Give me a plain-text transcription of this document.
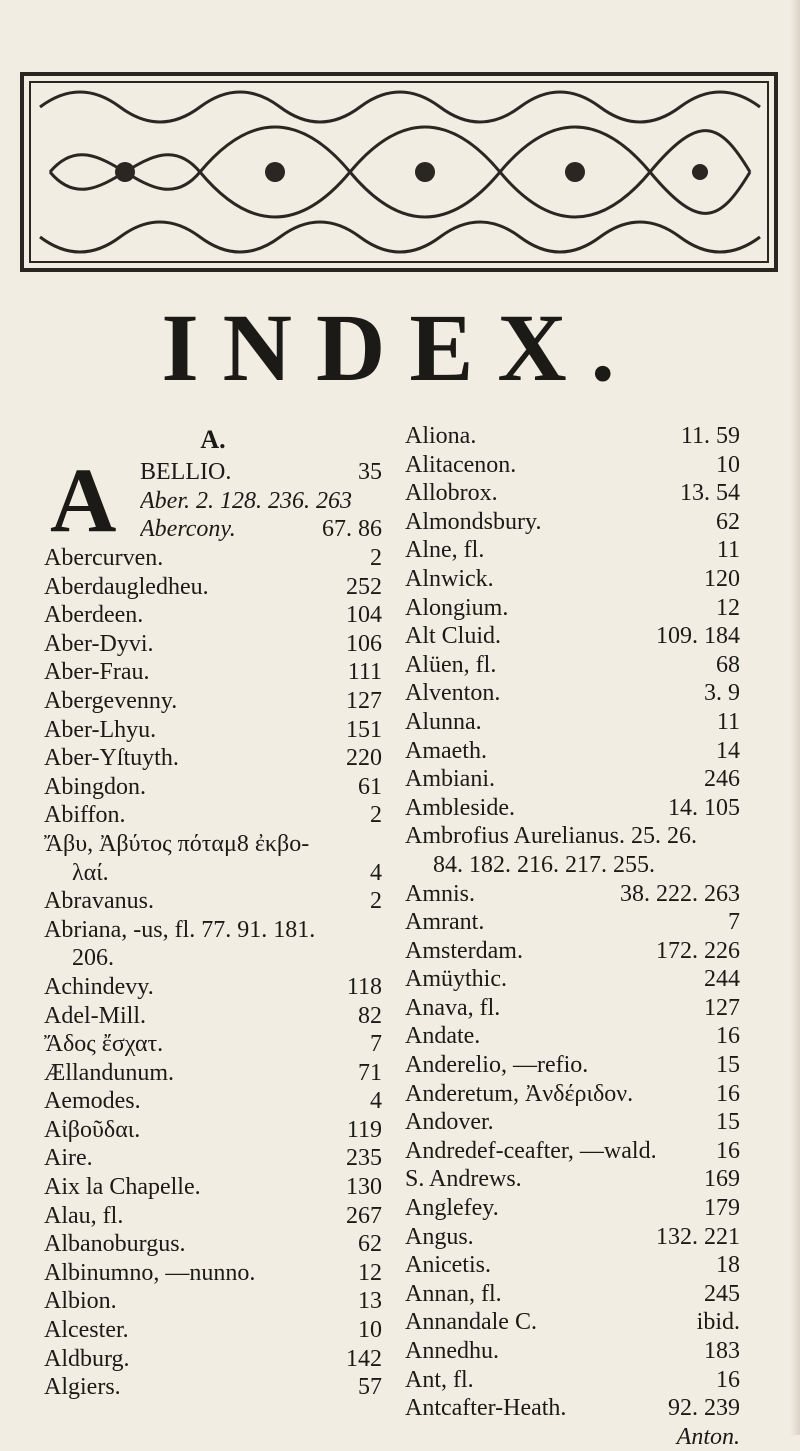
INDEX.
A.
A BELLIO.	35
Aber. 2. 128. 236. 263
Abercony.	67. 86
Abercurven.	2
Aberdaugledheu.	252
Aberdeen.	104
Aber-Dyvi.	106
Aber-Frau.	111
Abergevenny.	127
Aber-Lhyu.	151
Aber-Yſtuyth.	220
Abingdon.	61
Abiffon.	2
Ἄβυ, Ἀβύτος πόταμ8 ἐκβο-
λαί.	4
Abravanus.	2
Abriana, -us, fl. 77. 91. 181.
206.
Achindevy.	118
Adel-Mill.	82
Ἄδος ἔσχατ.	7
Ællandunum.	71
Aemodes.	4
Αἰβοῦδαι.	119
Aire.	235
Aix la Chapelle.	130
Alau, fl.	267
Albanoburgus.	62
Albinumno, —nunno.	12
Albion.	13
Alcester.	10
Aldburg.	142
Algiers.	57
Aliona.	11. 59
Alitacenon.	10
Allobrox.	13. 54
Almondsbury.	62
Alne, fl.	11
Alnwick.	120
Alongium.	12
Alt Cluid.	109. 184
Alüen, fl.	68
Alventon.	3. 9
Alunna.	11
Amaeth.	14
Ambiani.	246
Ambleside.	14. 105
Ambrofius Aurelianus. 25. 26.
84. 182. 216. 217. 255.
Amnis.	38. 222. 263
Amrant.	7
Amsterdam.	172. 226
Amüythic.	244
Anava, fl.	127
Andate.	16
Anderelio, —refio.	15
Anderetum, Ἀνδέριδον.	16
Andover.	15
Andredef-ceafter, —wald.	16
S. Andrews.	169
Anglefey.	179
Angus.	132. 221
Anicetis.	18
Annan, fl.	245
Annandale C.	ibid.
Annedhu.	183
Ant, fl.	16
Antcafter-Heath.	92. 239
Anton.
